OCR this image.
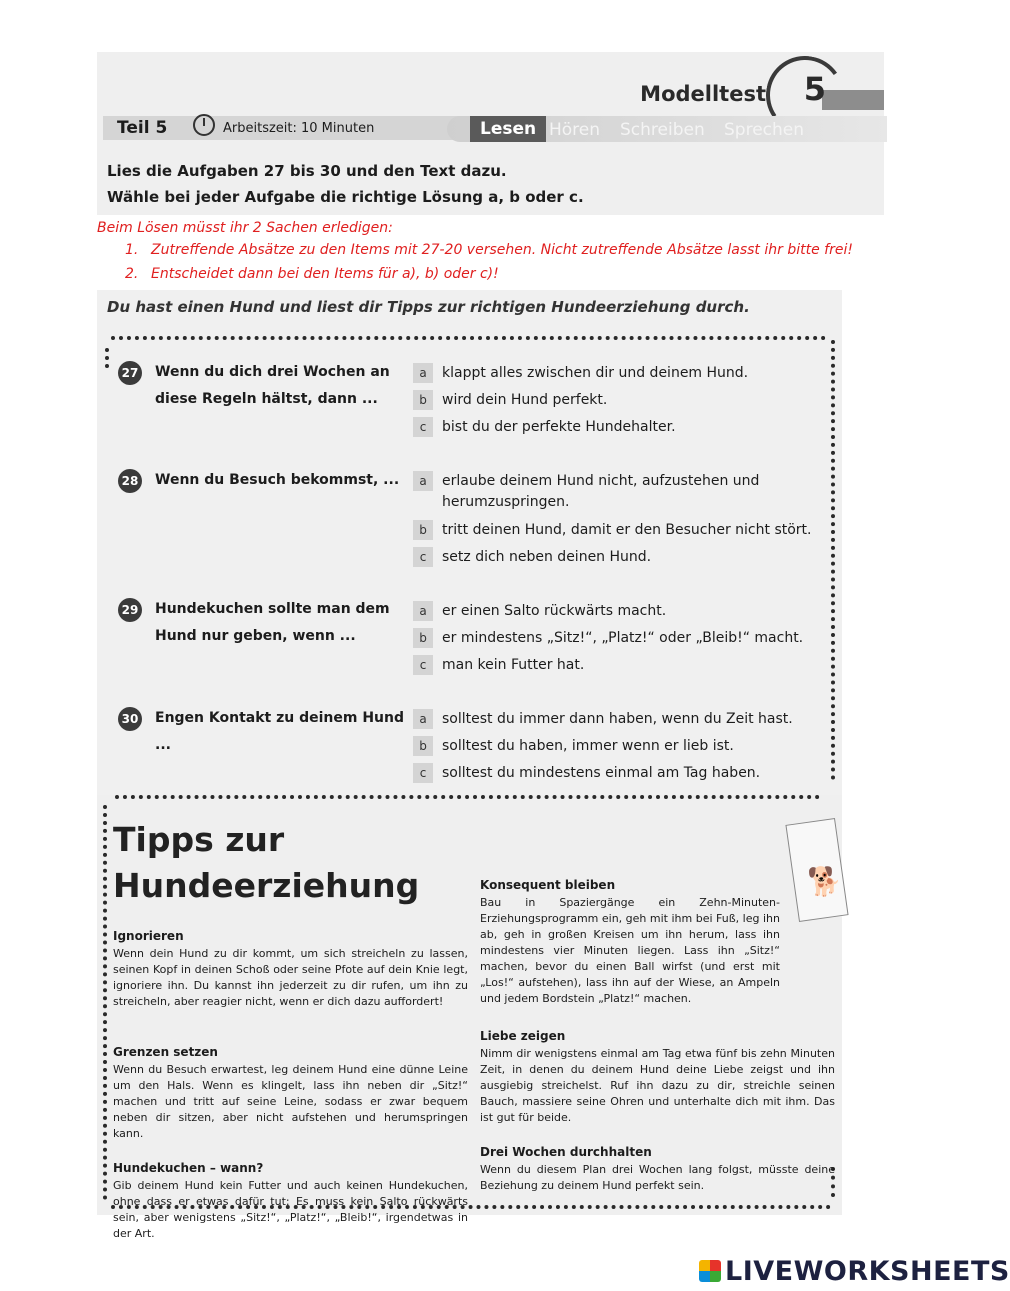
Modelltest 5
Teil 5	Arbeitszeit: 10 Minuten	Lesen Hören Schreiben Sprechen
Lies die Aufgaben 27 bis 30 und den Text dazu.
Wähle bei jeder Aufgabe die richtige Lösung a, b oder c.
Beim Lösen müsst ihr 2 Sachen erledigen:
1. Zutreffende Absätze zu den Items mit 27-20 versehen. Nicht zutreffende Absätze lasst ihr bitte frei!
2. Entscheidet dann bei den Items für a), b) oder c)!
Du hast einen Hund und liest dir Tipps zur richtigen Hundeerziehung durch.
27 Wenn du dich drei Wochen an diese Regeln hältst, dann ...
a	klappt alles zwischen dir und deinem Hund.
b	wird dein Hund perfekt.
c	bist du der perfekte Hundehalter.
28 Wenn du Besuch bekommst, ...	a	erlaube deinem Hund nicht, aufzustehen und herumzuspringen.
b	tritt deinen Hund, damit er den Besucher nicht stört.
c	setz dich neben deinen Hund.
29 Hundekuchen sollte man dem Hund nur geben, wenn ...
a	er einen Salto rückwärts macht.
b	er mindestens „Sitz!“, „Platz!“ oder „Bleib!“ macht.
c	man kein Futter hat.
30 Engen Kontakt zu deinem Hund ...
a	solltest du immer dann haben, wenn du Zeit hast.
b	solltest du haben, immer wenn er lieb ist.
c	solltest du mindestens einmal am Tag haben.
Tipps zur Hundeerziehung
Ignorieren
Wenn dein Hund zu dir kommt, um sich streicheln zu lassen, seinen Kopf in deinen Schoß oder seine Pfote auf dein Knie legt, ignoriere ihn. Du kannst ihn jederzeit zu dir rufen, um ihn zu streicheln, aber reagier nicht, wenn er dich dazu auffordert!
Grenzen setzen
Wenn du Besuch erwartest, leg deinem Hund eine dünne Leine um den Hals. Wenn es klingelt, lass ihn neben dir „Sitz!“ machen und tritt auf seine Leine, sodass er zwar bequem neben dir sitzen, aber nicht aufstehen und herumspringen kann.
Hundekuchen – wann?
Gib deinem Hund kein Futter und auch keinen Hundekuchen, ohne dass er etwas dafür tut: Es muss kein Salto rückwärts sein, aber wenigstens „Sitz!“, „Platz!“, „Bleib!“, irgendetwas in der Art.
🐕
Konsequent bleiben
Bau in Spaziergänge ein Zehn-Minuten-Erziehungsprogramm ein, geh mit ihm bei Fuß, leg ihn ab, geh in großen Kreisen um ihn herum, lass ihn mindestens vier Minuten liegen. Lass ihn „Sitz!“ machen, bevor du einen Ball wirfst (und erst mit „Los!“ aufstehen), lass ihn auf der Wiese, an Ampeln und jedem Bordstein „Platz!“ machen.
Liebe zeigen
Nimm dir wenigstens einmal am Tag etwa fünf bis zehn Minuten Zeit, in denen du deinem Hund deine Liebe zeigst und ihn ausgiebig streichelst. Ruf ihn dazu zu dir, streichle seinen Bauch, massiere seine Ohren und unterhalte dich mit ihm. Das ist gut für beide.
Drei Wochen durchhalten
Wenn du diesem Plan drei Wochen lang folgst, müsste deine Beziehung zu deinem Hund perfekt sein.
LIVEWORKSHEETS
